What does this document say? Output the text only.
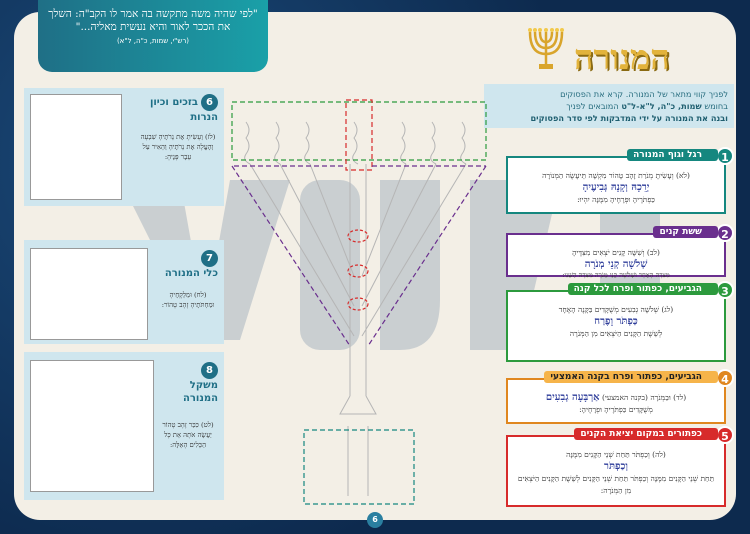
"לפי שהיה משה מתקשה בה אמר לו הקב"ה: השלך את הככר לאור והיא נעשית מאליה..."
(רש"י, שמות, כ"ה, ל"א)	המנורה
לפניך קווי מתאר של המנורה. קרא את הפסוקים
בחומש שמות, כ"ה, ל"א-ל"ט המובאים לפניך
ובנה את המנורה על ידי המדבקות לפי סדר הפסוקים
1
רגל וגוף המנורה
(לא) וְעָשִׂיתָ מְנֹרַת זָהָב טָהוֹר מִקְשָׁה תֵּיעָשֶׂה הַמְּנוֹרָה
יְרֵכָהּ וְקָנָהּ גְּבִיעֶיהָ
כַּפְתֹּרֶיהָ וּפְרָחֶיהָ מִמֶּנָּה יִהְיוּ:
2
ששת קנים
(לב) וְשִׁשָּׁה קָנִים יֹצְאִים מִצִּדֶּיהָ
שְׁלֹשָׁה קְנֵי מְנֹרָה
מִצִּדָּהּ הָאֶחָד וּשְׁלֹשָׁה קְנֵי מְנֹרָה מִצִּדָּהּ הַשֵּׁנִי:
3
הגביעים, כפתור ופרח לכל קנה
(לג) שְׁלֹשָׁה גְבִעִים מְשֻׁקָּדִים בַּקָּנֶה הָאֶחָד
כַּפְתֹּר וָפֶרַח
לְשֵׁשֶׁת הַקָּנִים הַיֹּצְאִים מִן הַמְּנֹרָה
4
הגביעים, כפתור ופרח בקנה האמצעי
(לד) וּבַמְּנֹרָה (בקנה האמצעי) אַרְבָּעָה גְבִעִים
מְשֻׁקָּדִים כַּפְתֹּרֶיהָ וּפְרָחֶיהָ:
5
כפתורים במקום יציאת הקנים
(לה) וְכַפְתֹּר תַּחַת שְׁנֵי הַקָּנִים מִמֶּנָּה
וְכַפְתֹּר
תַּחַת שְׁנֵי הַקָּנִים מִמֶּנָּה וְכַפְתֹּר תַּחַת שְׁנֵי הַקָּנִים לְשֵׁשֶׁת הַקָּנִים הַיֹּצְאִים מִן הַמְּנֹרָה:
6בזכים וכיון הנרות
(לז) וְעָשִׂיתָ אֶת נֵרֹתֶיהָ שִׁבְעָה וְהֶעֱלָה אֶת נֵרֹתֶיהָ וְהֵאִיר עַל עֵבֶר פָּנֶיהָ:
7
כלי המנורה
(לח) וּמַלְקָחֶיהָ וּמַחְתֹּתֶיהָ זָהָב טָהוֹר:
8
משקל המנורה
(לט) כִּכַּר זָהָב טָהוֹר יַעֲשֶׂה אֹתָהּ אֵת כָּל הַכֵּלִים הָאֵלֶּה:
6
